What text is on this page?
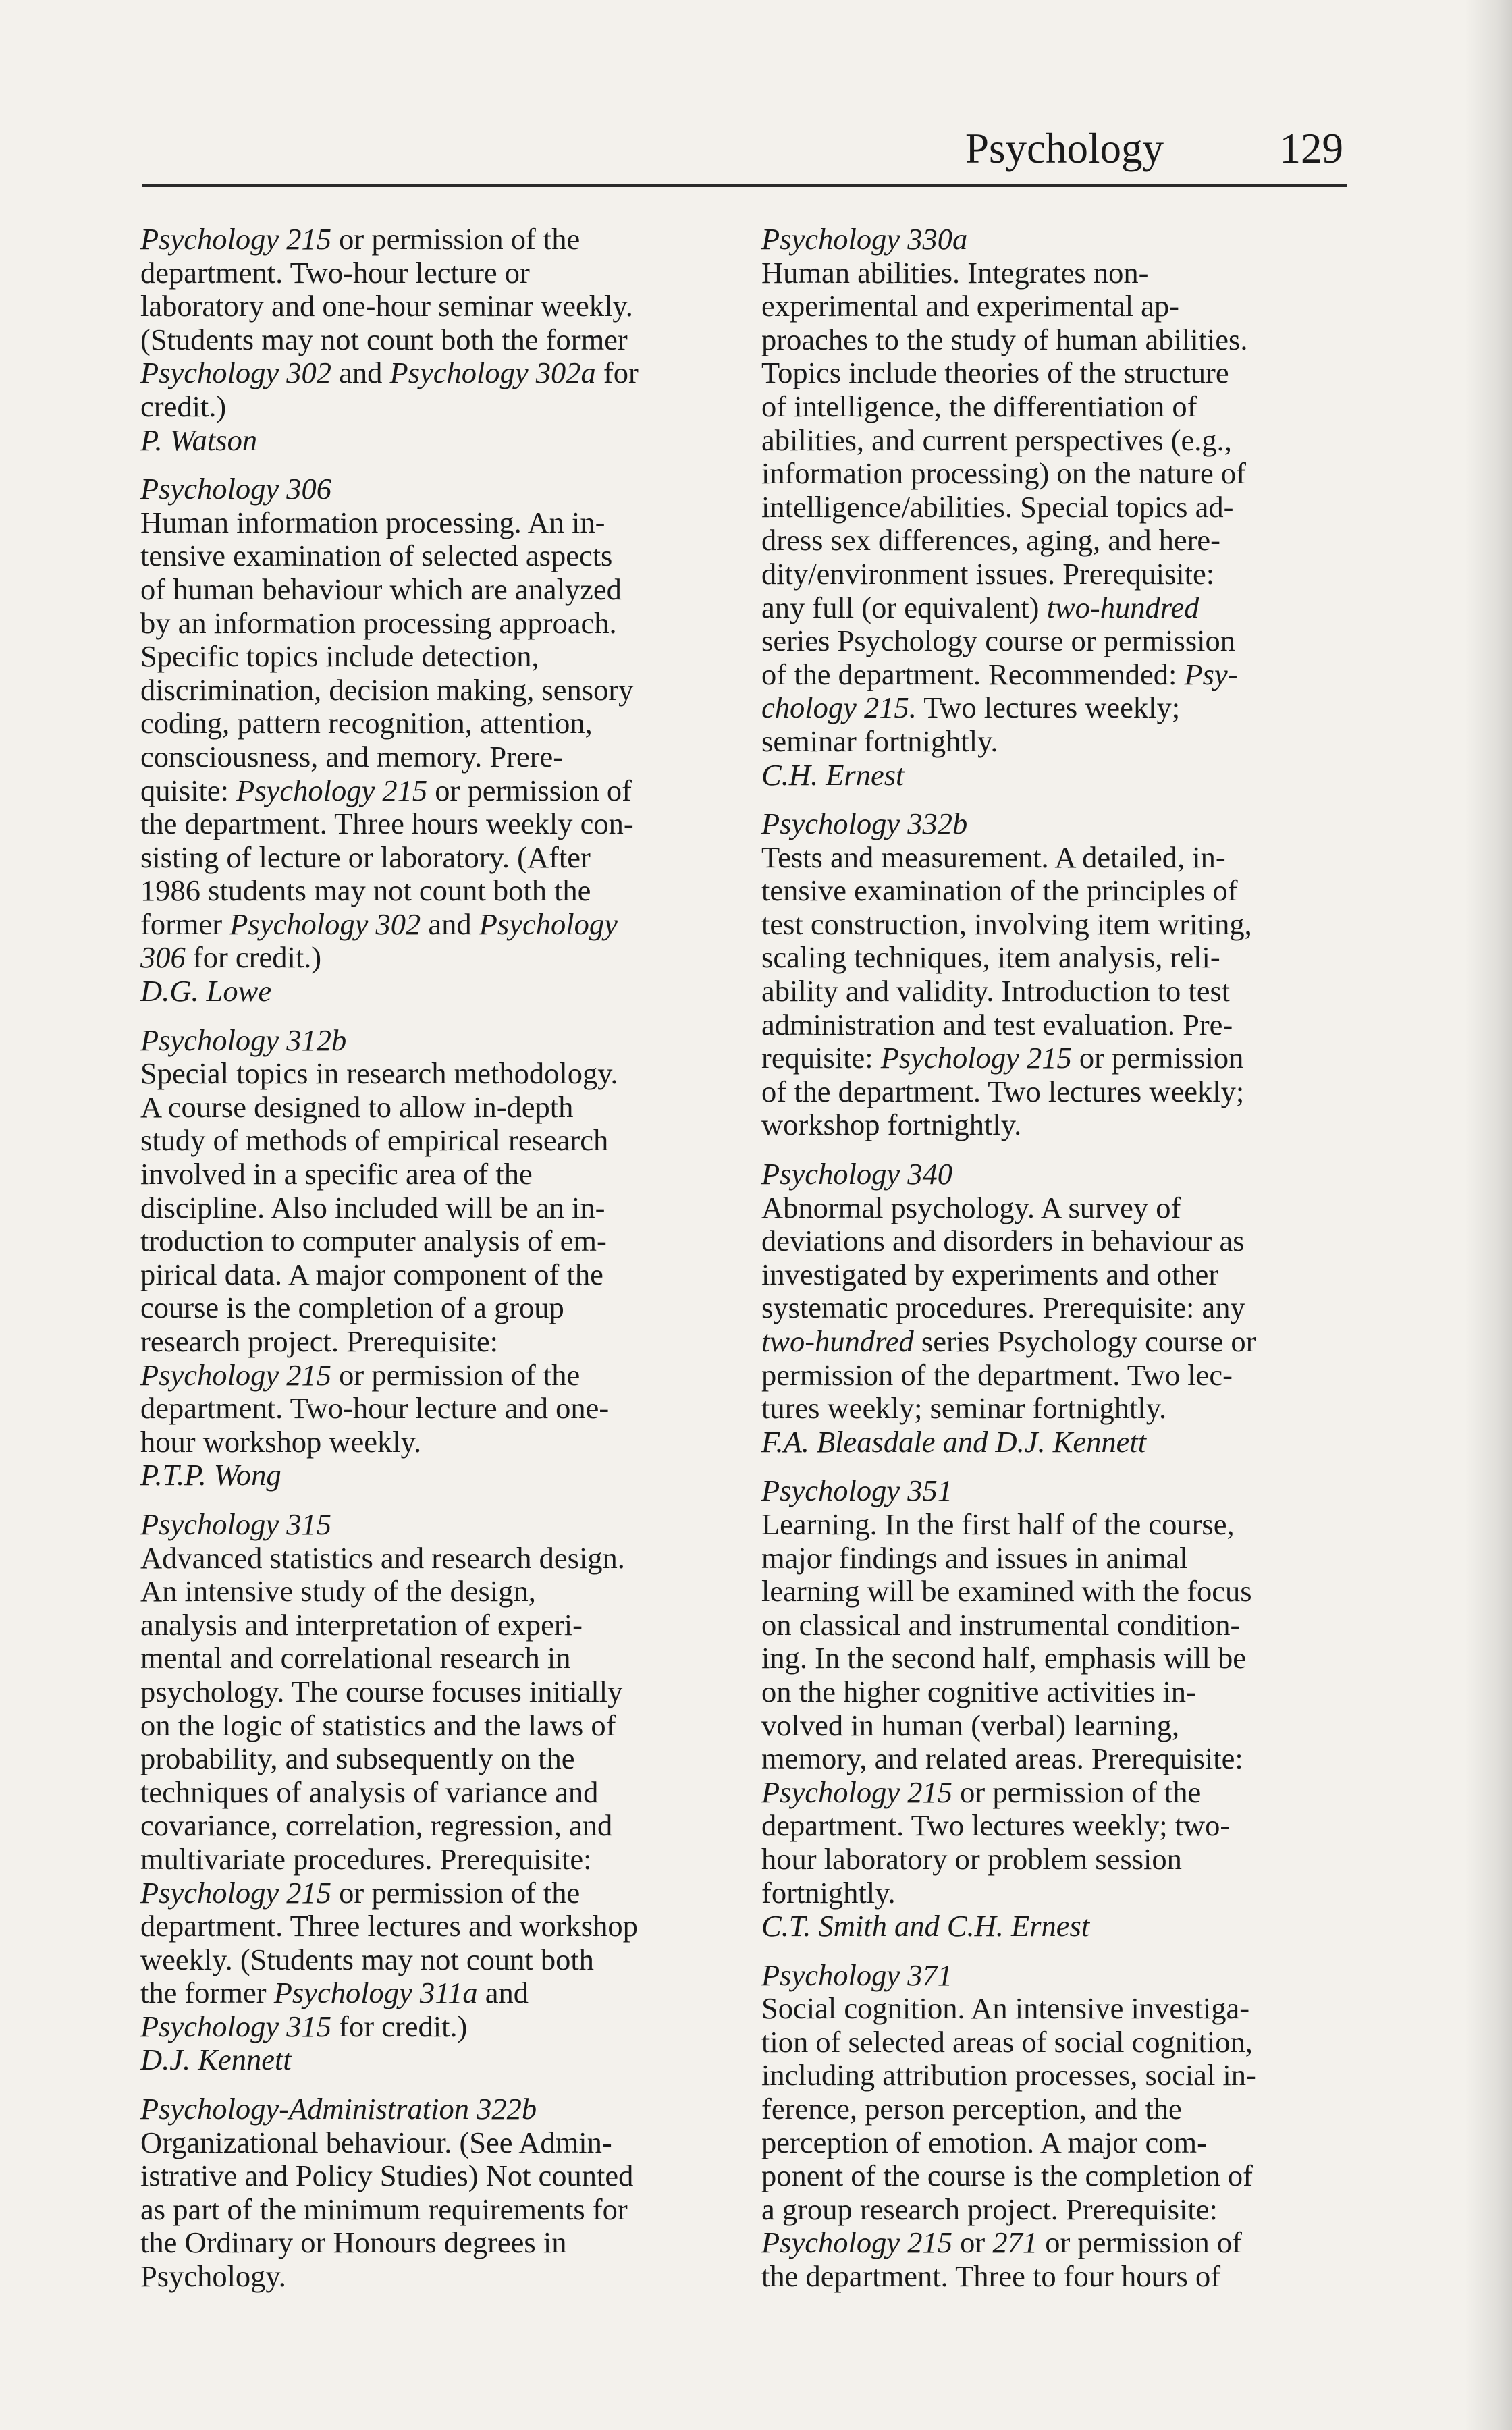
Psychology	129
Psychology 215 or permission of the
department. Two-hour lecture or
laboratory and one-hour seminar weekly.
(Students may not count both the former
Psychology 302 and Psychology 302a for
credit.)
P. Watson
Psychology 306
Human information processing. An in-
tensive examination of selected aspects
of human behaviour which are analyzed
by an information processing approach.
Specific topics include detection,
discrimination, decision making, sensory
coding, pattern recognition, attention,
consciousness, and memory. Prere-
quisite: Psychology 215 or permission of
the department. Three hours weekly con-
sisting of lecture or laboratory. (After
1986 students may not count both the
former Psychology 302 and Psychology
306 for credit.)
D.G. Lowe
Psychology 312b
Special topics in research methodology.
A course designed to allow in-depth
study of methods of empirical research
involved in a specific area of the
discipline. Also included will be an in-
troduction to computer analysis of em-
pirical data. A major component of the
course is the completion of a group
research project. Prerequisite:
Psychology 215 or permission of the
department. Two-hour lecture and one-
hour workshop weekly.
P.T.P. Wong
Psychology 315
Advanced statistics and research design.
An intensive study of the design,
analysis and interpretation of experi-
mental and correlational research in
psychology. The course focuses initially
on the logic of statistics and the laws of
probability, and subsequently on the
techniques of analysis of variance and
covariance, correlation, regression, and
multivariate procedures. Prerequisite:
Psychology 215 or permission of the
department. Three lectures and workshop
weekly. (Students may not count both
the former Psychology 311a and
Psychology 315 for credit.)
D.J. Kennett
Psychology-Administration 322b
Organizational behaviour. (See Admin-
istrative and Policy Studies) Not counted
as part of the minimum requirements for
the Ordinary or Honours degrees in
Psychology.
Psychology 330a
Human abilities. Integrates non-
experimental and experimental ap-
proaches to the study of human abilities.
Topics include theories of the structure
of intelligence, the differentiation of
abilities, and current perspectives (e.g.,
information processing) on the nature of
intelligence/abilities. Special topics ad-
dress sex differences, aging, and here-
dity/environment issues. Prerequisite:
any full (or equivalent) two-hundred
series Psychology course or permission
of the department. Recommended: Psy-
chology 215. Two lectures weekly;
seminar fortnightly.
C.H. Ernest
Psychology 332b
Tests and measurement. A detailed, in-
tensive examination of the principles of
test construction, involving item writing,
scaling techniques, item analysis, reli-
ability and validity. Introduction to test
administration and test evaluation. Pre-
requisite: Psychology 215 or permission
of the department. Two lectures weekly;
workshop fortnightly.
Psychology 340
Abnormal psychology. A survey of
deviations and disorders in behaviour as
investigated by experiments and other
systematic procedures. Prerequisite: any
two-hundred series Psychology course or
permission of the department. Two lec-
tures weekly; seminar fortnightly.
F.A. Bleasdale and D.J. Kennett
Psychology 351
Learning. In the first half of the course,
major findings and issues in animal
learning will be examined with the focus
on classical and instrumental condition-
ing. In the second half, emphasis will be
on the higher cognitive activities in-
volved in human (verbal) learning,
memory, and related areas. Prerequisite:
Psychology 215 or permission of the
department. Two lectures weekly; two-
hour laboratory or problem session
fortnightly.
C.T. Smith and C.H. Ernest
Psychology 371
Social cognition. An intensive investiga-
tion of selected areas of social cognition,
including attribution processes, social in-
ference, person perception, and the
perception of emotion. A major com-
ponent of the course is the completion of
a group research project. Prerequisite:
Psychology 215 or 271 or permission of
the department. Three to four hours of
